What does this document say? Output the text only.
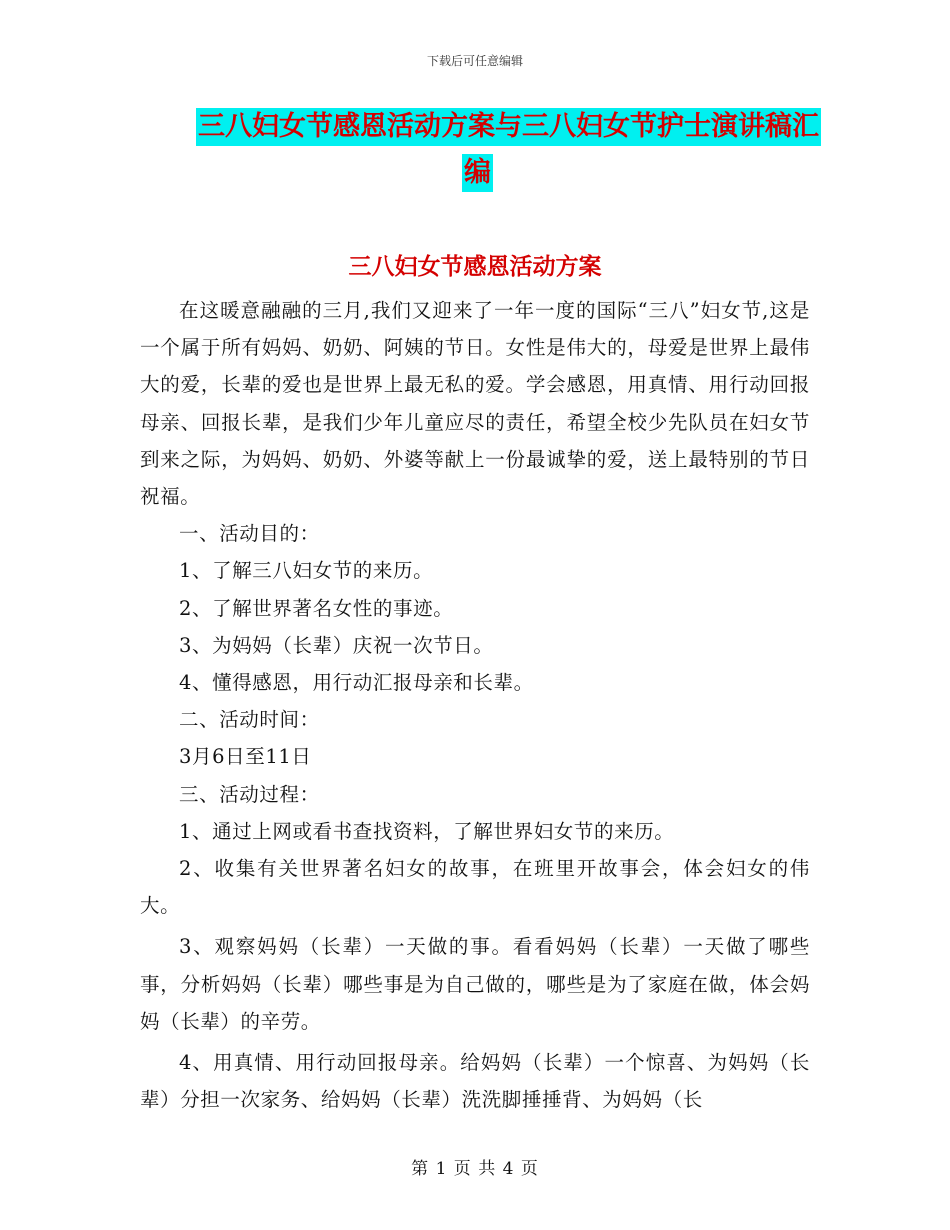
下载后可任意编辑
三八妇女节感恩活动方案与三八妇女节护士演讲稿汇
编
三八妇女节感恩活动方案

在这暖意融融的三月,我们又迎来了一年一度的国际“三八”妇女节,这是一个属于所有妈妈、奶奶、阿姨的节日。女性是伟大的，母爱是世界上最伟大的爱，长辈的爱也是世界上最无私的爱。学会感恩，用真情、用行动回报母亲、回报长辈，是我们少年儿童应尽的责任，希望全校少先队员在妇女节到来之际，为妈妈、奶奶、外婆等献上一份最诚挚的爱，送上最特别的节日祝福。

一、活动目的：

1、了解三八妇女节的来历。

2、了解世界著名女性的事迹。

3、为妈妈（长辈）庆祝一次节日。

4、懂得感恩，用行动汇报母亲和长辈。

二、活动时间：

3月6日至11日

三、活动过程：

1、通过上网或看书查找资料，了解世界妇女节的来历。

2、收集有关世界著名妇女的故事，在班里开故事会，体会妇女的伟大。

3、观察妈妈（长辈）一天做的事。看看妈妈（长辈）一天做了哪些事，分析妈妈（长辈）哪些事是为自己做的，哪些是为了家庭在做，体会妈妈（长辈）的辛劳。

4、用真情、用行动回报母亲。给妈妈（长辈）一个惊喜、为妈妈（长辈）分担一次家务、给妈妈（长辈）洗洗脚捶捶背、为妈妈（长

第 1 页 共 4 页
